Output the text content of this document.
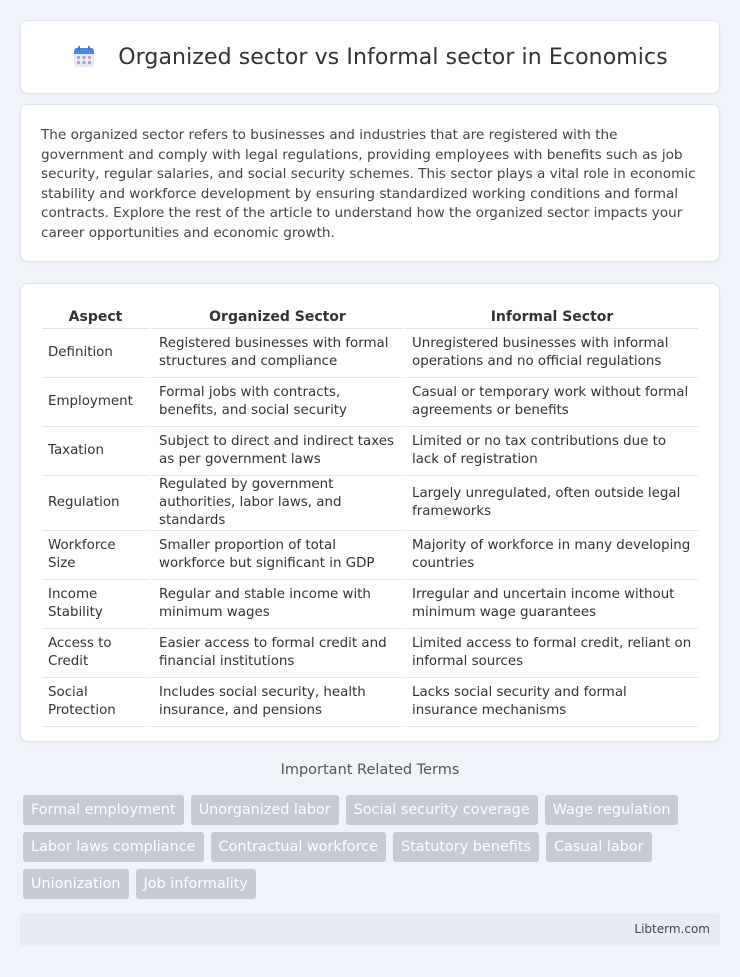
Organized sector vs Informal sector in Economics

The organized sector refers to businesses and industries that are registered with the government and comply with legal regulations, providing employees with benefits such as job security, regular salaries, and social security schemes. This sector plays a vital role in economic stability and workforce development by ensuring standardized working conditions and formal contracts. Explore the rest of the article to understand how the organized sector impacts your career opportunities and economic growth.

Aspect	Organized Sector	Informal Sector
Definition	Registered businesses with formal structures and compliance	Unregistered businesses with informal operations and no official regulations
Employment	Formal jobs with contracts, benefits, and social security	Casual or temporary work without formal agreements or benefits
Taxation	Subject to direct and indirect taxes as per government laws	Limited or no tax contributions due to lack of registration
Regulation	Regulated by government authorities, labor laws, and standards	Largely unregulated, often outside legal frameworks
Workforce Size	Smaller proportion of total workforce but significant in GDP	Majority of workforce in many developing countries
Income Stability	Regular and stable income with minimum wages	Irregular and uncertain income without minimum wage guarantees
Access to Credit	Easier access to formal credit and financial institutions	Limited access to formal credit, reliant on informal sources
Social Protection	Includes social security, health insurance, and pensions	Lacks social security and formal insurance mechanisms
Important Related Terms
Formal employment	Unorganized labor	Social security coverage	Wage regulation
Labor laws compliance	Contractual workforce	Statutory benefits	Casual labor
Unionization	Job informality
Libterm.com
